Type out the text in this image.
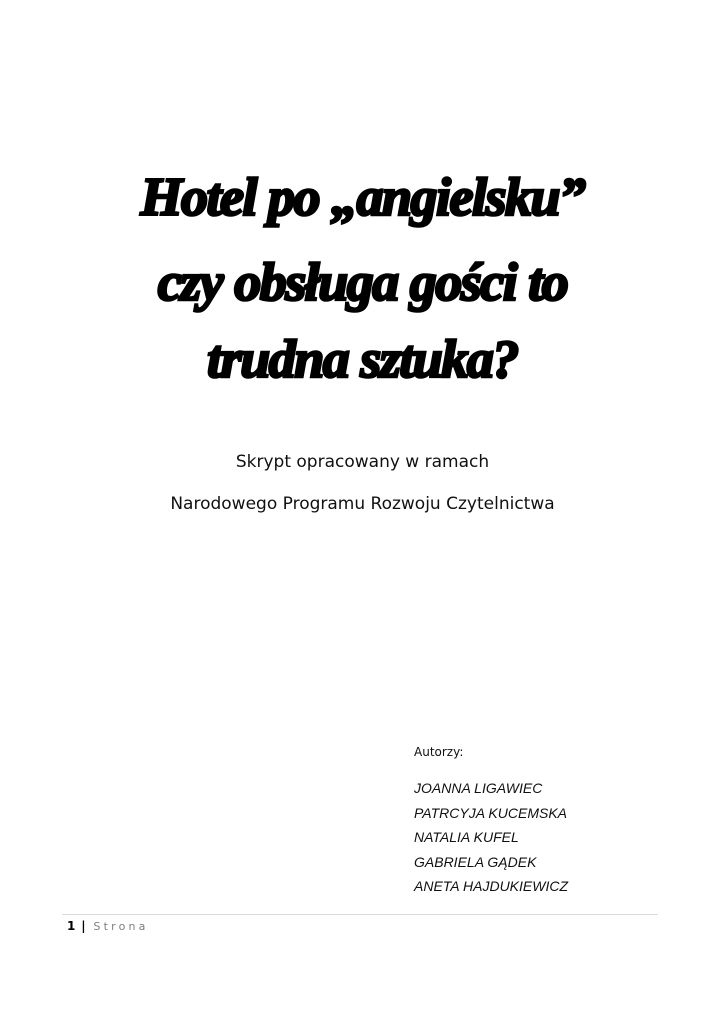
Hotel po „angielsku”
czy obsługa gości to
trudna sztuka?
Skrypt opracowany w ramach
Narodowego Programu Rozwoju Czytelnictwa
Autorzy:
JOANNA LIGAWIEC
PATRCYJA KUCEMSKA
NATALIA KUFEL
GABRIELA GĄDEK
ANETA HAJDUKIEWICZ
1 | Strona
